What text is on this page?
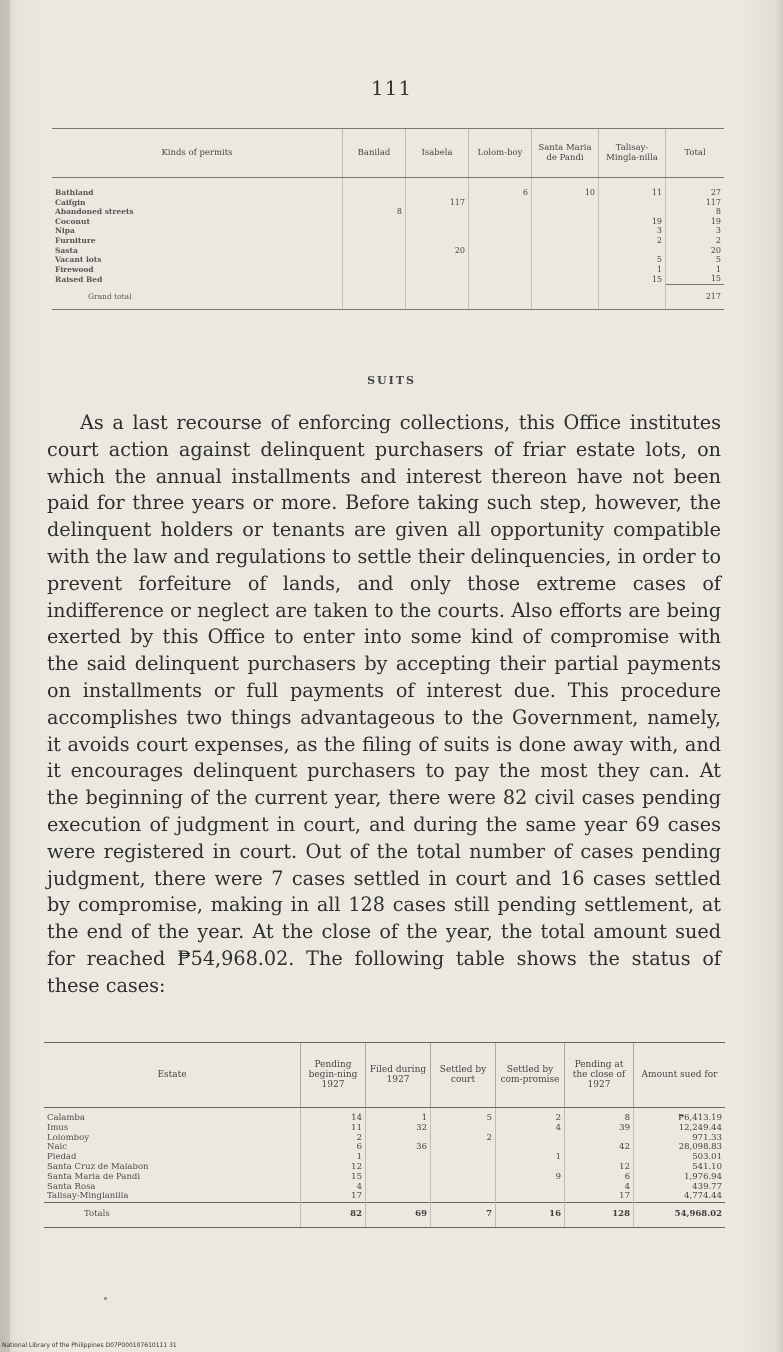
111
Kinds of permits	Banilad	Isabela	Lolom-boy	Santa Maria de Pandi	Talisay-Mingla-nilla	Total
Bathland			6	10	11	27
Caifgin		117				117
Abandoned streets	8					8
Coconut					19	19
Nipa					3	3
Furniture					2	2
Sasta		20				20
Vacant lots					5	5
Firewood					1	1
Raised Bed					15	15
Grand total						217
SUITS

As a last recourse of enforcing collections, this Office institutes court action against delinquent purchasers of friar estate lots, on which the annual installments and interest thereon have not been paid for three years or more. Before taking such step, however, the delinquent holders or tenants are given all opportunity compatible with the law and regulations to settle their delinquencies, in order to prevent forfeiture of lands, and only those extreme cases of indifference or neglect are taken to the courts. Also efforts are being exerted by this Office to enter into some kind of compromise with the said delinquent purchasers by accepting their partial payments on installments or full payments of interest due. This procedure accomplishes two things advantageous to the Government, namely, it avoids court expenses, as the filing of suits is done away with, and it encourages delinquent purchasers to pay the most they can. At the beginning of the current year, there were 82 civil cases pending execution of judgment in court, and during the same year 69 cases were registered in court. Out of the total number of cases pending judgment, there were 7 cases settled in court and 16 cases settled by compromise, making in all 128 cases still pending settlement, at the end of the year. At the close of the year, the total amount sued for reached ₱54,968.02. The following table shows the status of these cases:

Estate	Pending begin-ning 1927	Filed during 1927	Settled by court	Settled by com-promise	Pending at the close of 1927	Amount sued for
Calamba	14	1	5	2	8	₱6,413.19
Imus	11	32		4	39	12,249.44
Lolomboy	2		2			971.33
Naic	6	36			42	28,098.83
Piedad	1			1		503.01
Santa Cruz de Malabon	12				12	541.10
Santa Maria de Pandi	15			9	6	1,976.94
Santa Rosa	4				4	439.77
Talisay-Minglanilla	17				17	4,774.44
Totals	82	69	7	16	128	54,968.02
National Library of the Philippines D07P000107610111 31
